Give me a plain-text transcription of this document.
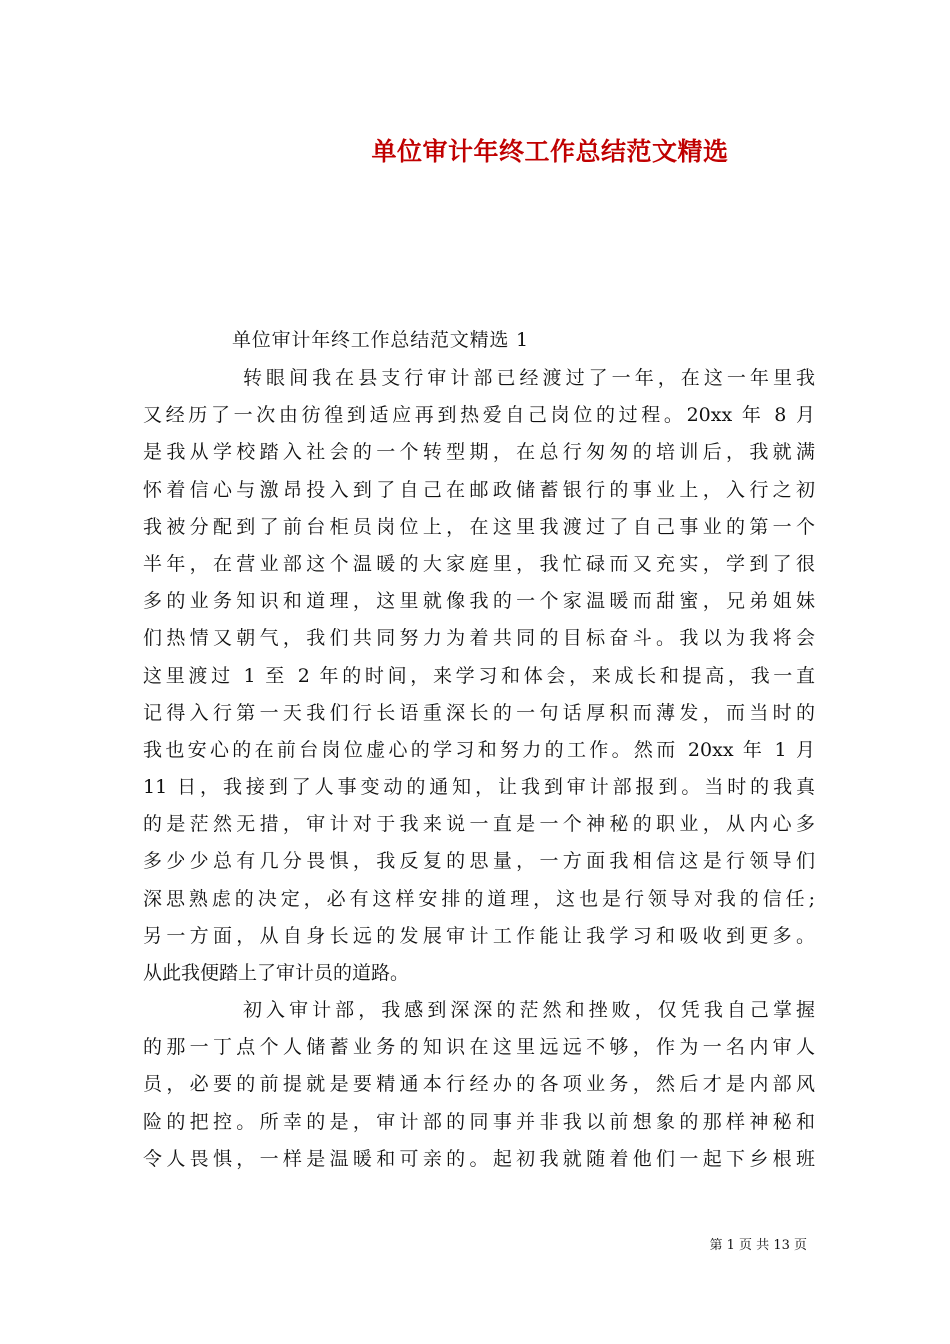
单位审计年终工作总结范文精选
单位审计年终工作总结范文精选 1
转眼间我在县支行审计部已经渡过了一年，在这一年里我
又经历了一次由彷徨到适应再到热爱自己岗位的过程。20xx 年 8 月
是我从学校踏入社会的一个转型期，在总行匆匆的培训后，我就满
怀着信心与激昂投入到了自己在邮政储蓄银行的事业上，入行之初
我被分配到了前台柜员岗位上，在这里我渡过了自己事业的第一个
半年，在营业部这个温暖的大家庭里，我忙碌而又充实，学到了很
多的业务知识和道理，这里就像我的一个家温暖而甜蜜，兄弟姐妹
们热情又朝气，我们共同努力为着共同的目标奋斗。我以为我将会
这里渡过 1 至 2 年的时间，来学习和体会，来成长和提高，我一直
记得入行第一天我们行长语重深长的一句话厚积而薄发，而当时的
我也安心的在前台岗位虚心的学习和努力的工作。然而 20xx 年 1 月
11 日，我接到了人事变动的通知，让我到审计部报到。当时的我真
的是茫然无措，审计对于我来说一直是一个神秘的职业，从内心多
多少少总有几分畏惧，我反复的思量，一方面我相信这是行领导们
深思熟虑的决定，必有这样安排的道理，这也是行领导对我的信任;
另一方面，从自身长远的发展审计工作能让我学习和吸收到更多。
从此我便踏上了审计员的道路。
初入审计部，我感到深深的茫然和挫败，仅凭我自己掌握
的那一丁点个人储蓄业务的知识在这里远远不够，作为一名内审人
员，必要的前提就是要精通本行经办的各项业务，然后才是内部风
险的把控。所幸的是，审计部的同事并非我以前想象的那样神秘和
令人畏惧，一样是温暖和可亲的。起初我就随着他们一起下乡根班
第 1 页 共 13 页
